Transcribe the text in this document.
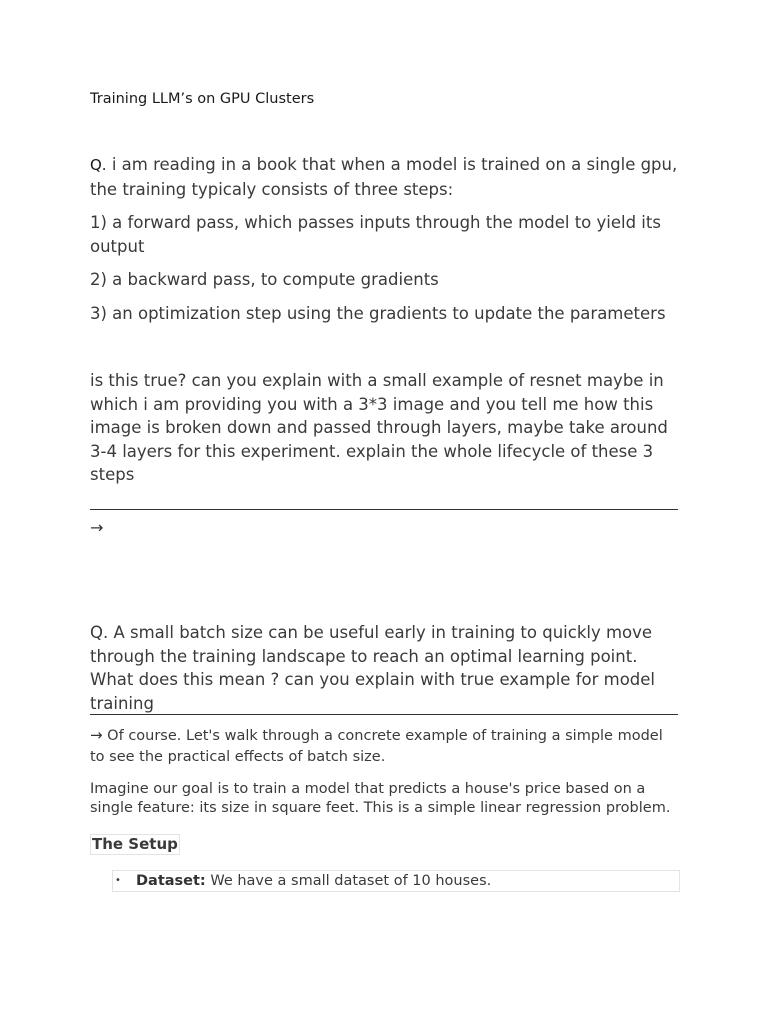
Training LLM’s on GPU Clusters

Q. i am reading in a book that when a model is trained on a single gpu, the training typicaly consists of three steps:

1) a forward pass, which passes inputs through the model to yield its output

2) a backward pass, to compute gradients

3) an optimization step using the gradients to update the parameters

is this true? can you explain with a small example of resnet maybe in which i am providing you with a 3*3 image and you tell me how this image is broken down and passed through layers, maybe take around 3-4 layers for this experiment. explain the whole lifecycle of these 3 steps

→

Q. A small batch size can be useful early in training to quickly move through the training landscape to reach an optimal learning point. What does this mean ? can you explain with true example for model training

→ Of course. Let's walk through a concrete example of training a simple model to see the practical effects of batch size.

Imagine our goal is to train a model that predicts a house's price based on a single feature: its size in square feet. This is a simple linear regression problem.

The Setup
• Dataset: We have a small dataset of 10 houses.
